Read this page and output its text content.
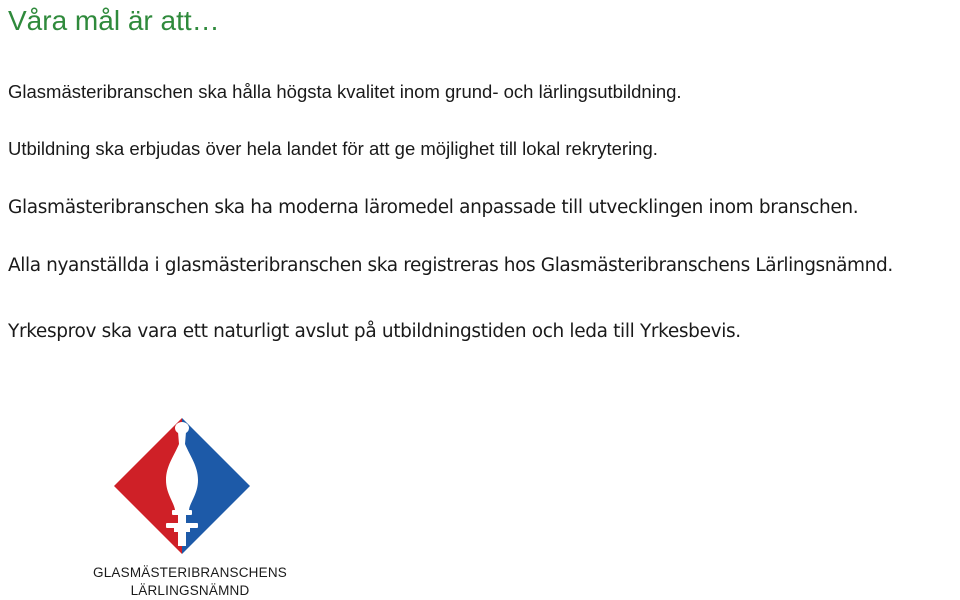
Våra mål är att…
Glasmästeribranschen ska hålla högsta kvalitet inom grund- och lärlingsutbildning.
Utbildning ska erbjudas över hela landet för att ge möjlighet till lokal rekrytering.
Glasmästeribranschen ska ha moderna läromedel anpassade till utvecklingen inom branschen.
Alla nyanställda i glasmästeribranschen ska registreras hos Glasmästeribranschens Lärlingsnämnd.
Yrkesprov ska vara ett naturligt avslut på utbildningstiden och leda till Yrkesbevis.
GLASMÄSTERIBRANSCHENS
LÄRLINGSNÄMND
